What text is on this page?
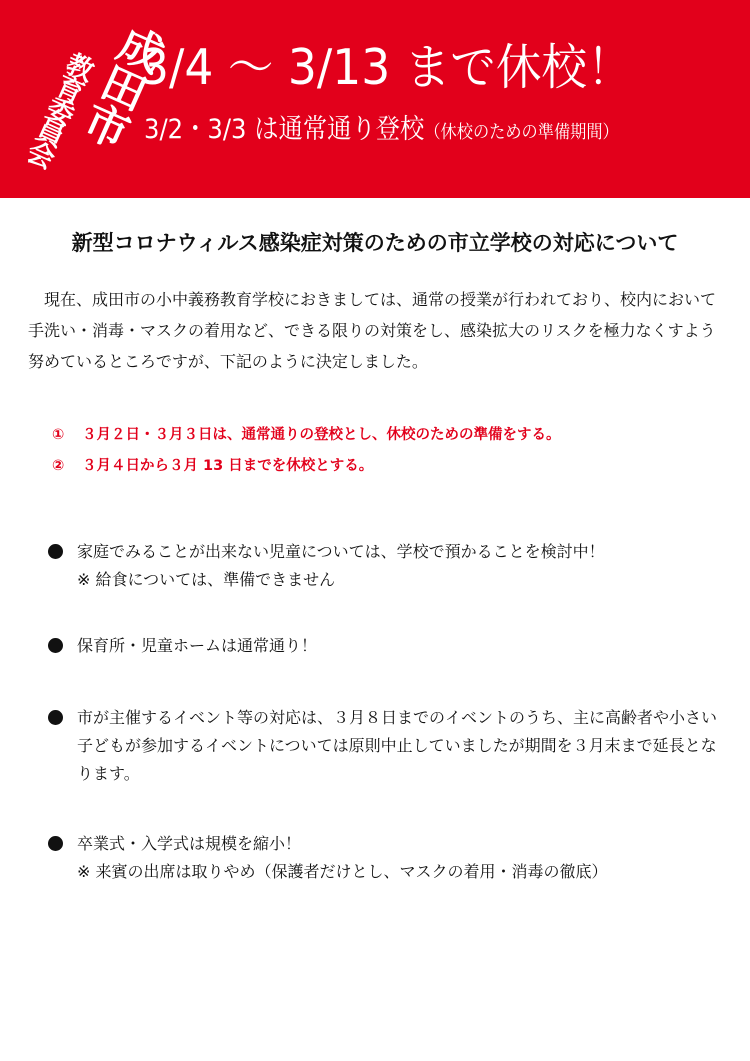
成田市
教育委員会 3/4 ～ 3/13 まで休校！
3/2・3/3 は通常通り登校（休校のための準備期間）
新型コロナウィルス感染症対策のための市立学校の対応について
現在、成田市の小中義務教育学校におきましては、通常の授業が行われており、校内において手洗い・消毒・マスクの着用など、できる限りの対策をし、感染拡大のリスクを極力なくすよう努めているところですが、下記のように決定しました。
① ３月２日・３月３日は、通常通りの登校とし、休校のための準備をする。
② ３月４日から３月 13 日までを休校とする。
家庭でみることが出来ない児童については、学校で預かることを検討中！
※ 給食については、準備できません
保育所・児童ホームは通常通り！
市が主催するイベント等の対応は、３月８日までのイベントのうち、主に高齢者や小さい子どもが参加するイベントについては原則中止していましたが期間を３月末まで延長となります。
卒業式・入学式は規模を縮小！
※ 来賓の出席は取りやめ（保護者だけとし、マスクの着用・消毒の徹底）
